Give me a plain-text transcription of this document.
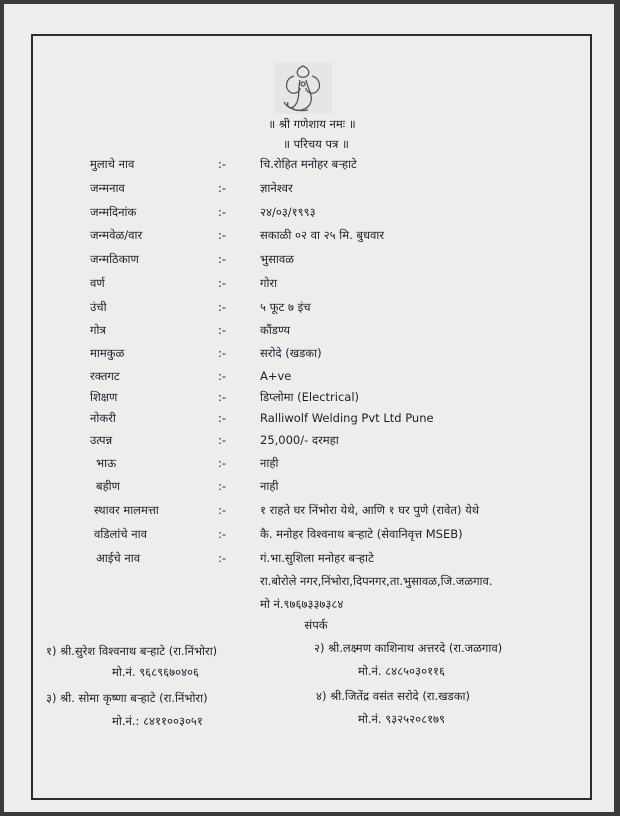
॥ श्री गणेशाय नमः ॥
॥ परिचय पत्र ॥
मुलाचे नाव	:-	चि.रोहित मनोहर बऱ्हाटे
जन्मनाव	:-	ज्ञानेश्वर
जन्मदिनांक	:-	२४/०३/१९९३
जन्मवेळ/वार	:-	सकाळी ०२ वा २५ मि. बुधवार
जन्मठिकाण	:-	भुसावळ
वर्ण	:-	गोरा
उंची	:-	५ फूट ७ इंच
गोत्र	:-	कौंडण्य
मामकुळ	:-	सरोदे (खडका)
रक्तगट	:-	A+ve
शिक्षण	:-	डिप्लोमा (Electrical)
नोकरी	:-	Ralliwolf Welding Pvt Ltd Pune
उत्पन्न	:-	25,000/- दरमहा
भाऊ	:-	नाही
बहीण	:-	नाही
स्थावर मालमत्ता	:-	१ राहते घर निंभोरा येथे, आणि १ घर पुणे (रावेत) येथे
वडिलांचे नाव	:-	कै. मनोहर विश्वनाथ बऱ्हाटे (सेवानिवृत्त MSEB)
आईचे नाव	:-	गं.भा.सुशिला मनोहर बऱ्हाटे
रा.बोरोले नगर,निंभोरा,दिपनगर,ता.भुसावळ,जि.जळगाव.
मो नं.९७६७३३७३८४
संपर्क
१) श्री.सुरेश विश्वनाथ बऱ्हाटे (रा.निंभोरा)
मो.नं. ९६८९६७०४०६
२) श्री.लक्ष्मण काशिनाथ अत्तरदे (रा.जळगाव)
मो.नं. ८४८५०३०११६
३) श्री. सोमा कृष्णा बऱ्हाटे (रा.निंभोरा)
मो.नं.: ८४११००३०५१
४) श्री.जितेंद्र वसंत सरोदे (रा.खडका)
मो.नं. ९३२५२०८१७९
